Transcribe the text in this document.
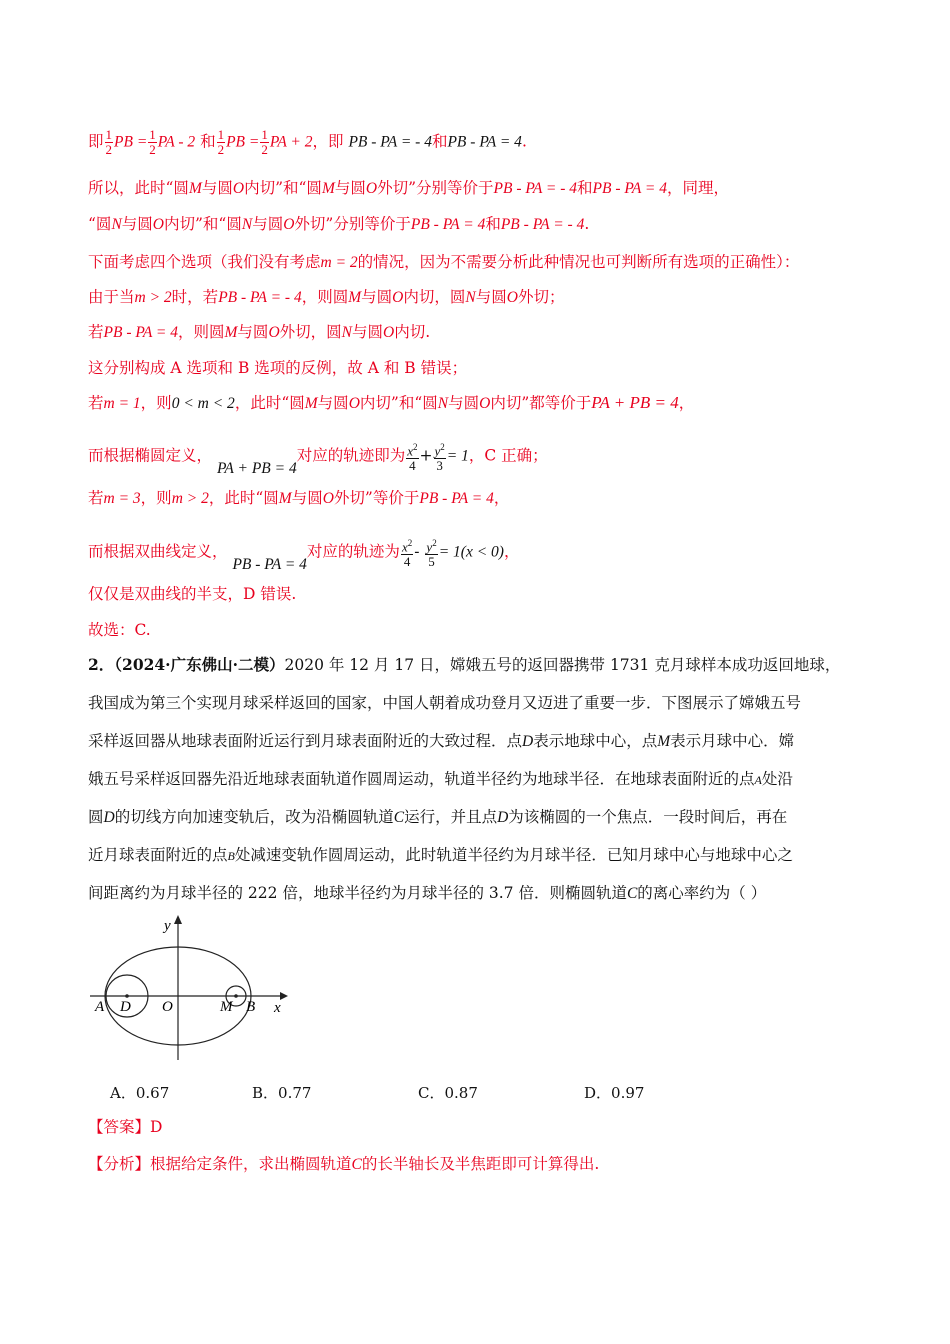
即 $\frac{1}{2}$ PB = $\frac{1}{2}$ PA - 2 和 $\frac{1}{2}$ PB = $\frac{1}{2}$ PA + 2，即 PB - PA = - 4和PB - PA = 4.
所以，此时“圆M与圆O内切”和“圆M与圆O外切”分别等价于PB - PA = - 4和PB - PA = 4，同理，
“圆N与圆O内切”和“圆N与圆O外切”分别等价于PB - PA = 4和PB - PA = - 4.
下面考虑四个选项（我们没有考虑m = 2的情况，因为不需要分析此种情况也可判断所有选项的正确性）：
由于当m > 2时，若PB - PA = - 4，则圆M与圆O内切，圆N与圆O外切；
若PB - PA = 4，则圆M与圆O外切，圆N与圆O内切.
这分别构成 A 选项和 B 选项的反例，故 A 和 B 错误；
若m = 1，则0 < m < 2，此时“圆M与圆O内切”和“圆N与圆O内切”都等价于PA + PB = 4，
而根据椭圆定义， PA + PB = 4对应的轨迹即为 $\frac{x^2}{4} + \frac{y^2}{3} = 1$，C 正确；
若m = 3，则m > 2，此时“圆M与圆O外切”等价于PB - PA = 4，
而根据双曲线定义， PB - PA = 4对应的轨迹为 $\frac{x^2}{4} - \frac{y^2}{5} = 1(x < 0)$，
仅仅是双曲线的半支，D 错误.
故选：C.
2．（2024·广东佛山·二模）2020 年 12 月 17 日，嫦娥五号的返回器携带 1731 克月球样本成功返回地球，
我国成为第三个实现月球采样返回的国家，中国人朝着成功登月又迈进了重要一步．下图展示了嫦娥五号
采样返回器从地球表面附近运行到月球表面附近的大致过程．点D表示地球中心，点M表示月球中心．嫦
娥五号采样返回器先沿近地球表面轨道作圆周运动，轨道半径约为地球半径．在地球表面附近的点A处沿
圆D的切线方向加速变轨后，改为沿椭圆轨道C运行，并且点D为该椭圆的一个焦点．一段时间后，再在
近月球表面附近的点B处减速变轨作圆周运动，此时轨道半径约为月球半径．已知月球中心与地球中心之
间距离约为月球半径的 222 倍，地球半径约为月球半径的 3.7 倍．则椭圆轨道C的离心率约为（ ）
y
x
A D O	M B
A．0.67	B．0.77	C．0.87	D．0.97
【答案】D
【分析】根据给定条件，求出椭圆轨道C的长半轴长及半焦距即可计算得出.
